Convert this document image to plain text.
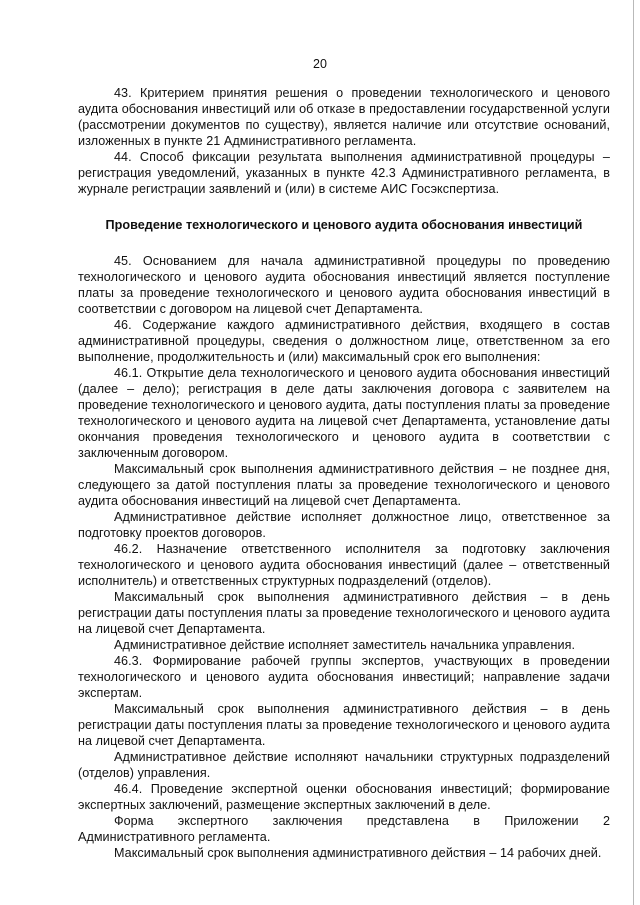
20

43. Критерием принятия решения о проведении технологического и ценового аудита обоснования инвестиций или об отказе в предоставлении государственной услуги (рассмотрении документов по существу), является наличие или отсутствие оснований, изложенных в пункте 21 Административного регламента.

44. Способ фиксации результата выполнения административной процедуры – регистрация уведомлений, указанных в пункте 42.3 Административного регламента, в журнале регистрации заявлений и (или) в системе АИС Госэкспертиза.

Проведение технологического и ценового аудита обоснования инвестиций

45. Основанием для начала административной процедуры по проведению технологического и ценового аудита обоснования инвестиций является поступление платы за проведение технологического и ценового аудита обоснования инвестиций в соответствии с договором на лицевой счет Департамента.

46. Содержание каждого административного действия, входящего в состав административной процедуры, сведения о должностном лице, ответственном за его выполнение, продолжительность и (или) максимальный срок его выполнения:

46.1. Открытие дела технологического и ценового аудита обоснования инвестиций (далее – дело); регистрация в деле даты заключения договора с заявителем на проведение технологического и ценового аудита, даты поступления платы за проведение технологического и ценового аудита на лицевой счет Департамента, установление даты окончания проведения технологического и ценового аудита в соответствии с заключенным договором.

Максимальный срок выполнения административного действия – не позднее дня, следующего за датой поступления платы за проведение технологического и ценового аудита обоснования инвестиций на лицевой счет Департамента.

Административное действие исполняет должностное лицо, ответственное за подготовку проектов договоров.

46.2. Назначение ответственного исполнителя за подготовку заключения технологического и ценового аудита обоснования инвестиций (далее – ответственный исполнитель) и ответственных структурных подразделений (отделов).

Максимальный срок выполнения административного действия – в день регистрации даты поступления платы за проведение технологического и ценового аудита на лицевой счет Департамента.

Административное действие исполняет заместитель начальника управления.

46.3. Формирование рабочей группы экспертов, участвующих в проведении технологического и ценового аудита обоснования инвестиций; направление задачи экспертам.

Максимальный срок выполнения административного действия – в день регистрации даты поступления платы за проведение технологического и ценового аудита на лицевой счет Департамента.

Административное действие исполняют начальники структурных подразделений (отделов) управления.

46.4. Проведение экспертной оценки обоснования инвестиций; формирование экспертных заключений, размещение экспертных заключений в деле.

Форма экспертного заключения представлена в Приложении 2

Административного регламента.

Максимальный срок выполнения административного действия – 14 рабочих дней.
